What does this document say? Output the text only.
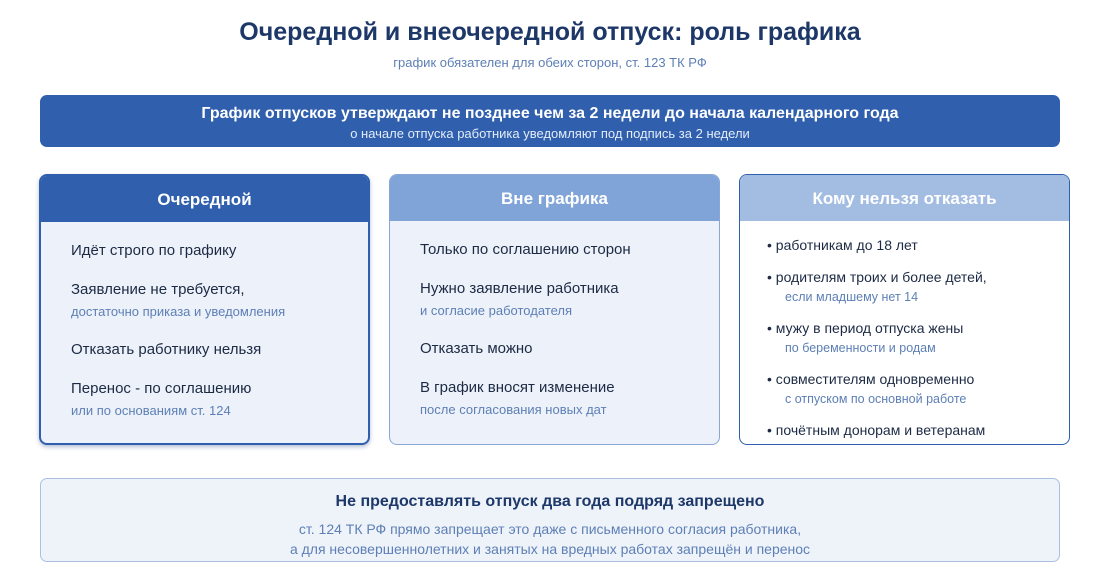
Очередной и внеочередной отпуск: роль графика
график обязателен для обеих сторон, ст. 123 ТК РФ
График отпусков утверждают не позднее чем за 2 недели до начала календарного года
о начале отпуска работника уведомляют под подпись за 2 недели
Очередной
Идёт строго по графику
Заявление не требуется,
достаточно приказа и уведомления
Отказать работнику нельзя
Перенос - по соглашению
или по основаниям ст. 124
Вне графика
Только по соглашению сторон
Нужно заявление работника
и согласие работодателя
Отказать можно
В график вносят изменение
после согласования новых дат
Кому нельзя отказать
• работникам до 18 лет
• родителям троих и более детей,
если младшему нет 14
• мужу в период отпуска жены
по беременности и родам
• совместителям одновременно
с отпуском по основной работе
• почётным донорам и ветеранам
Не предоставлять отпуск два года подряд запрещено
ст. 124 ТК РФ прямо запрещает это даже с письменного согласия работника,
а для несовершеннолетних и занятых на вредных работах запрещён и перенос
